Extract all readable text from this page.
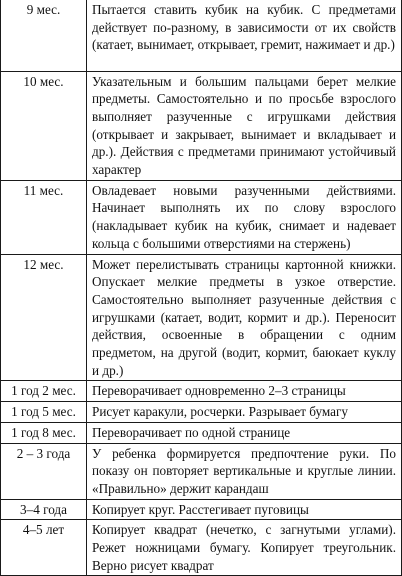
9 мес.	Пытается ставить кубик на кубик. С предметами действует по-разному, в зависимости от их свойств (катает, вынимает, открывает, гремит, нажимает и др.)
10 мес.	Указательным и большим пальцами берет мелкие предметы. Самостоятельно и по просьбе взрослого выполняет разученные с игрушками действия (открывает и закрывает, вынимает и вкладывает и др.). Действия с предметами принимают устойчивый характер
11 мес.	Овладевает новыми разученными действиями. Начинает выполнять их по слову взрослого (накладывает кубик на кубик, снимает и надевает кольца с большими отверстиями на стержень)
12 мес.	Может перелистывать страницы картонной книжки. Опускает мелкие предметы в узкое отверстие. Самостоятельно выполняет разученные действия с игрушками (катает, водит, кормит и др.). Переносит действия, освоенные в обращении с одним предметом, на другой (водит, кормит, баюкает куклу и др.)
1 год 2 мес.	Переворачивает одновременно 2–3 страницы
1 год 5 мес.	Рисует каракули, росчерки. Разрывает бумагу
1 год 8 мес.	Переворачивает по одной странице
2 – 3 года	У ребенка формируется предпочтение руки. По показу он повторяет вертикальные и круглые линии. «Правильно» держит карандаш
3–4 года	Копирует круг. Расстегивает пуговицы
4–5 лет	Копирует квадрат (нечетко, с загнутыми углами). Режет ножницами бумагу. Копирует треугольник. Верно рисует квадрат
